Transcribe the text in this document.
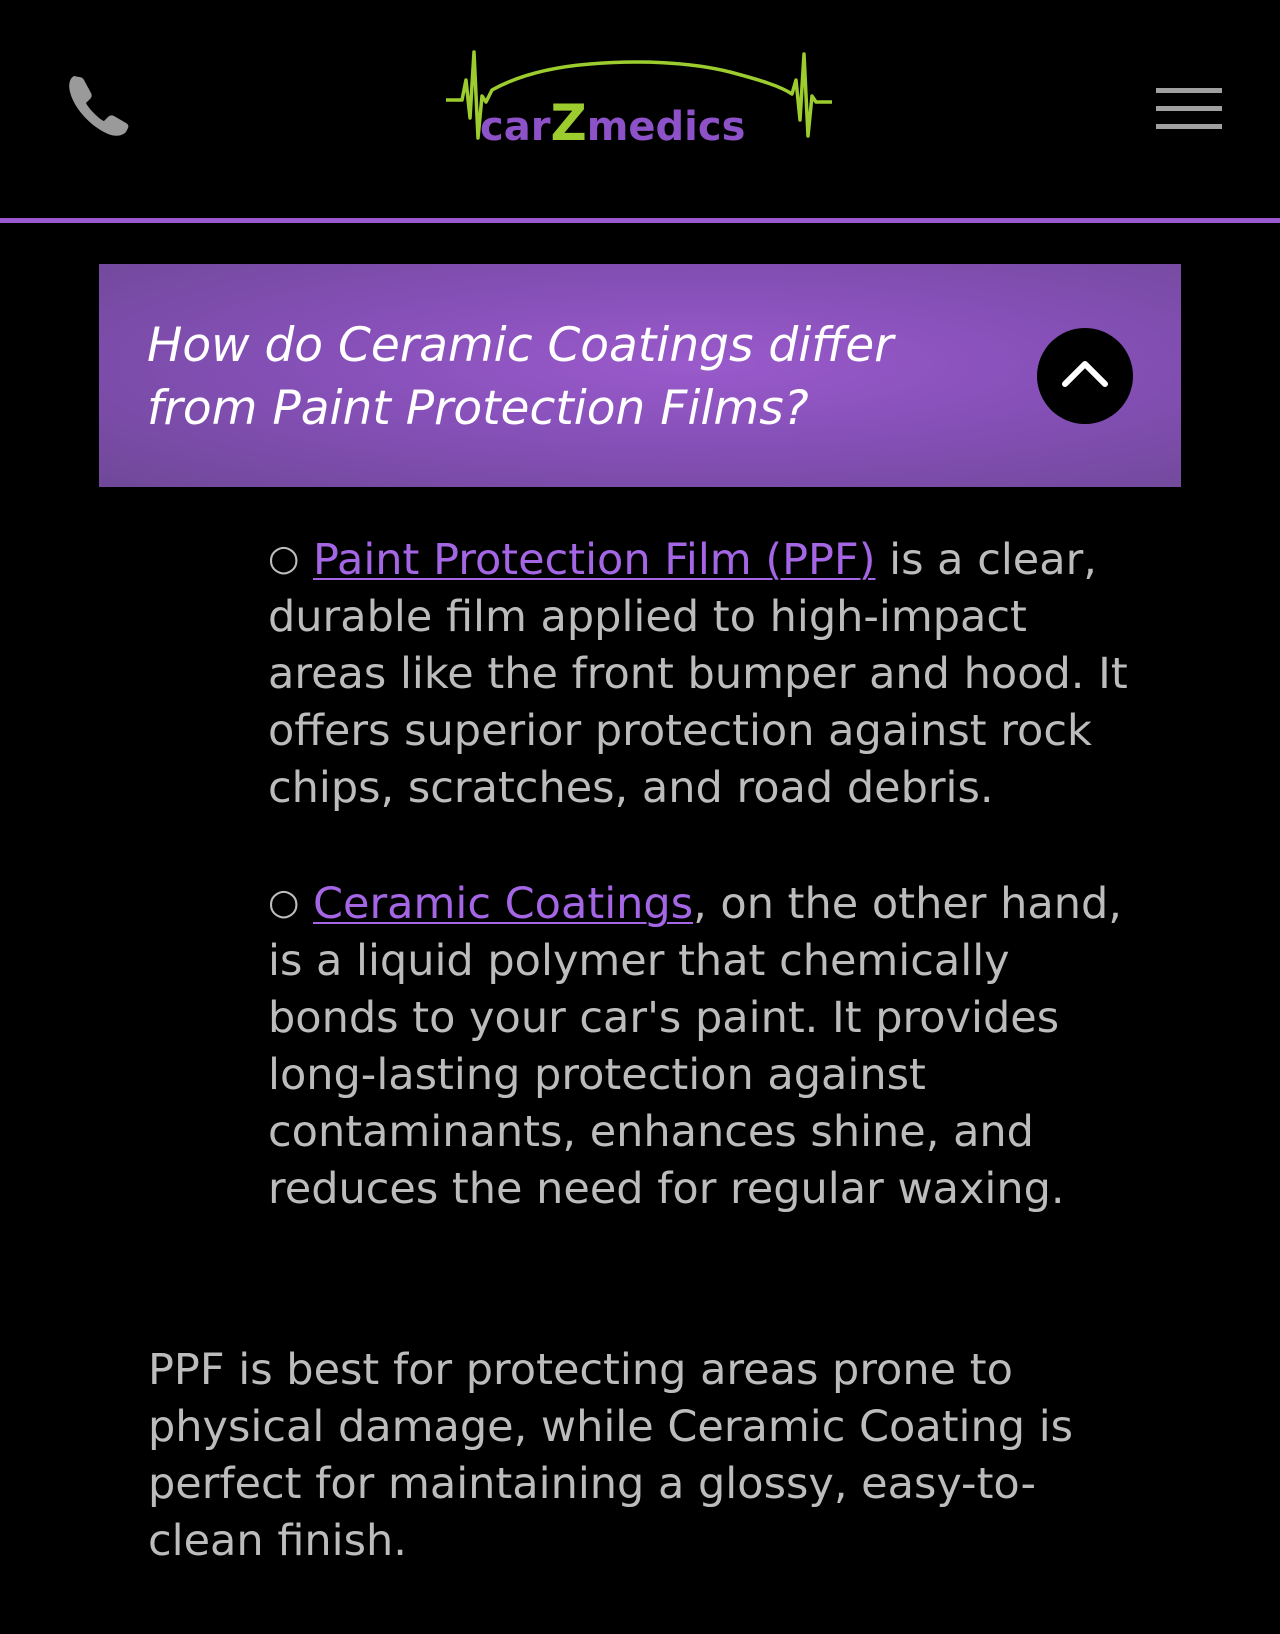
carZmedics
How do Ceramic Coatings differ from Paint Protection Films?
○ Paint Protection Film (PPF) is a clear, durable film applied to high-impact areas like the front bumper and hood. It offers superior protection against rock chips, scratches, and road debris.
○ Ceramic Coatings, on the other hand, is a liquid polymer that chemically bonds to your car's paint. It provides long-lasting protection against contaminants, enhances shine, and reduces the need for regular waxing.

PPF is best for protecting areas prone to physical damage, while Ceramic Coating is perfect for maintaining a glossy, easy-to-clean finish.
